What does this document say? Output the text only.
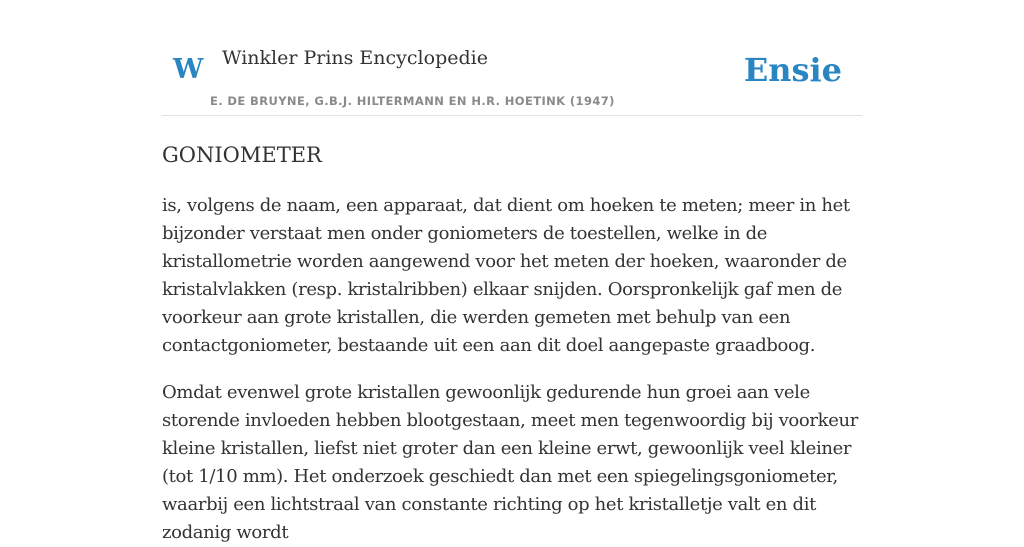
W Winkler Prins Encyclopedie
E. DE BRUYNE, G.B.J. HILTERMANN EN H.R. HOETINK (1947)
Ensie
GONIOMETER

is, volgens de naam, een apparaat, dat dient om hoeken te meten; meer in het bijzonder verstaat men onder goniometers de toestellen, welke in de kristallometrie worden aangewend voor het meten der hoeken, waaronder de kristalvlakken (resp. kristalribben) elkaar snijden. Oorspronkelijk gaf men de voorkeur aan grote kristallen, die werden gemeten met behulp van een contactgoniometer, bestaande uit een aan dit doel aangepaste graadboog.

Omdat evenwel grote kristallen gewoonlijk gedurende hun groei aan vele storende invloeden hebben blootgestaan, meet men tegenwoordig bij voorkeur kleine kristallen, liefst niet groter dan een kleine erwt, gewoonlijk veel kleiner (tot 1/10 mm). Het onderzoek geschiedt dan met een spiegelingsgoniometer, waarbij een lichtstraal van constante richting op het kristalletje valt en dit zodanig wordt
